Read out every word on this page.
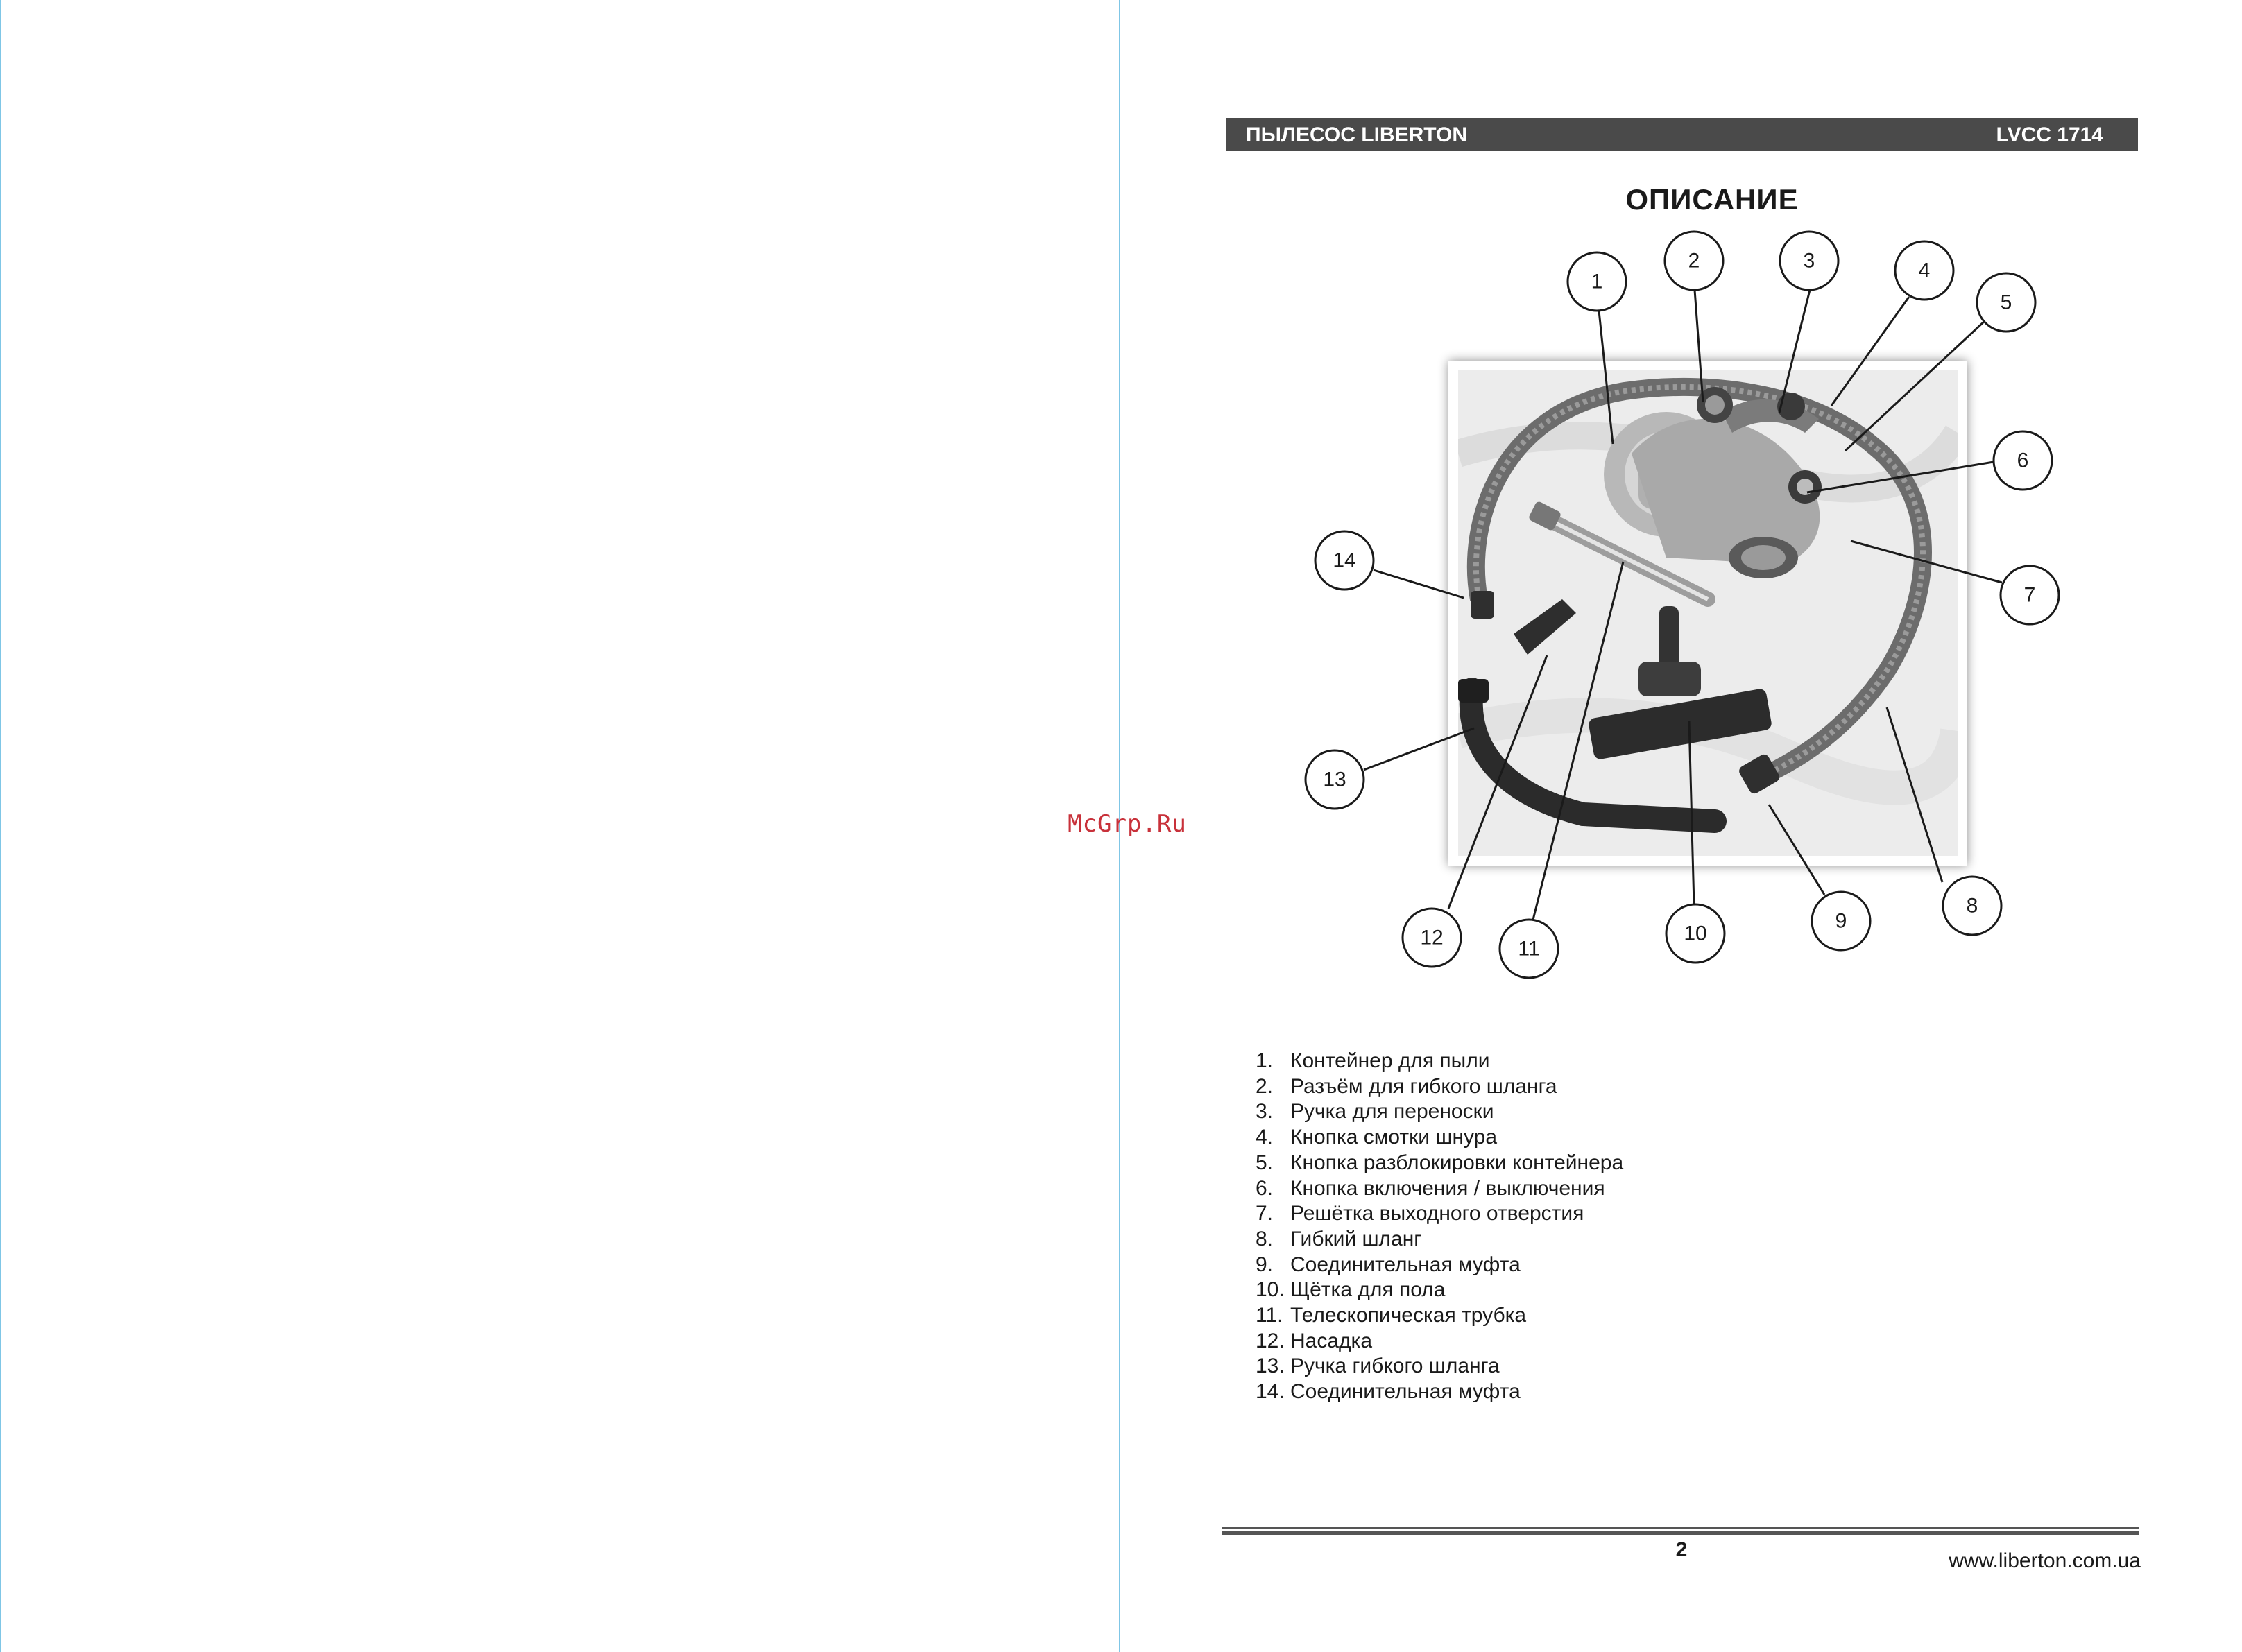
McGrp.Ru
ПЫЛЕСОС LIBERTON	LVCC 1714
ОПИСАНИЕ
1
2	3	4
5
6
7
8
9
10
11
12
13
14
1. Контейнер для пыли
2. Разъём для гибкого шланга
3. Ручка для переноски
4. Кнопка смотки шнура
5. Кнопка разблокировки контейнера
6. Кнопка включения / выключения
7. Решётка выходного отверстия
8. Гибкий шланг
9. Соединительная муфта
10. Щётка для пола
11. Телескопическая трубка
12. Насадка
13. Ручка гибкого шланга
14. Соединительная муфта
2	www.liberton.com.ua
